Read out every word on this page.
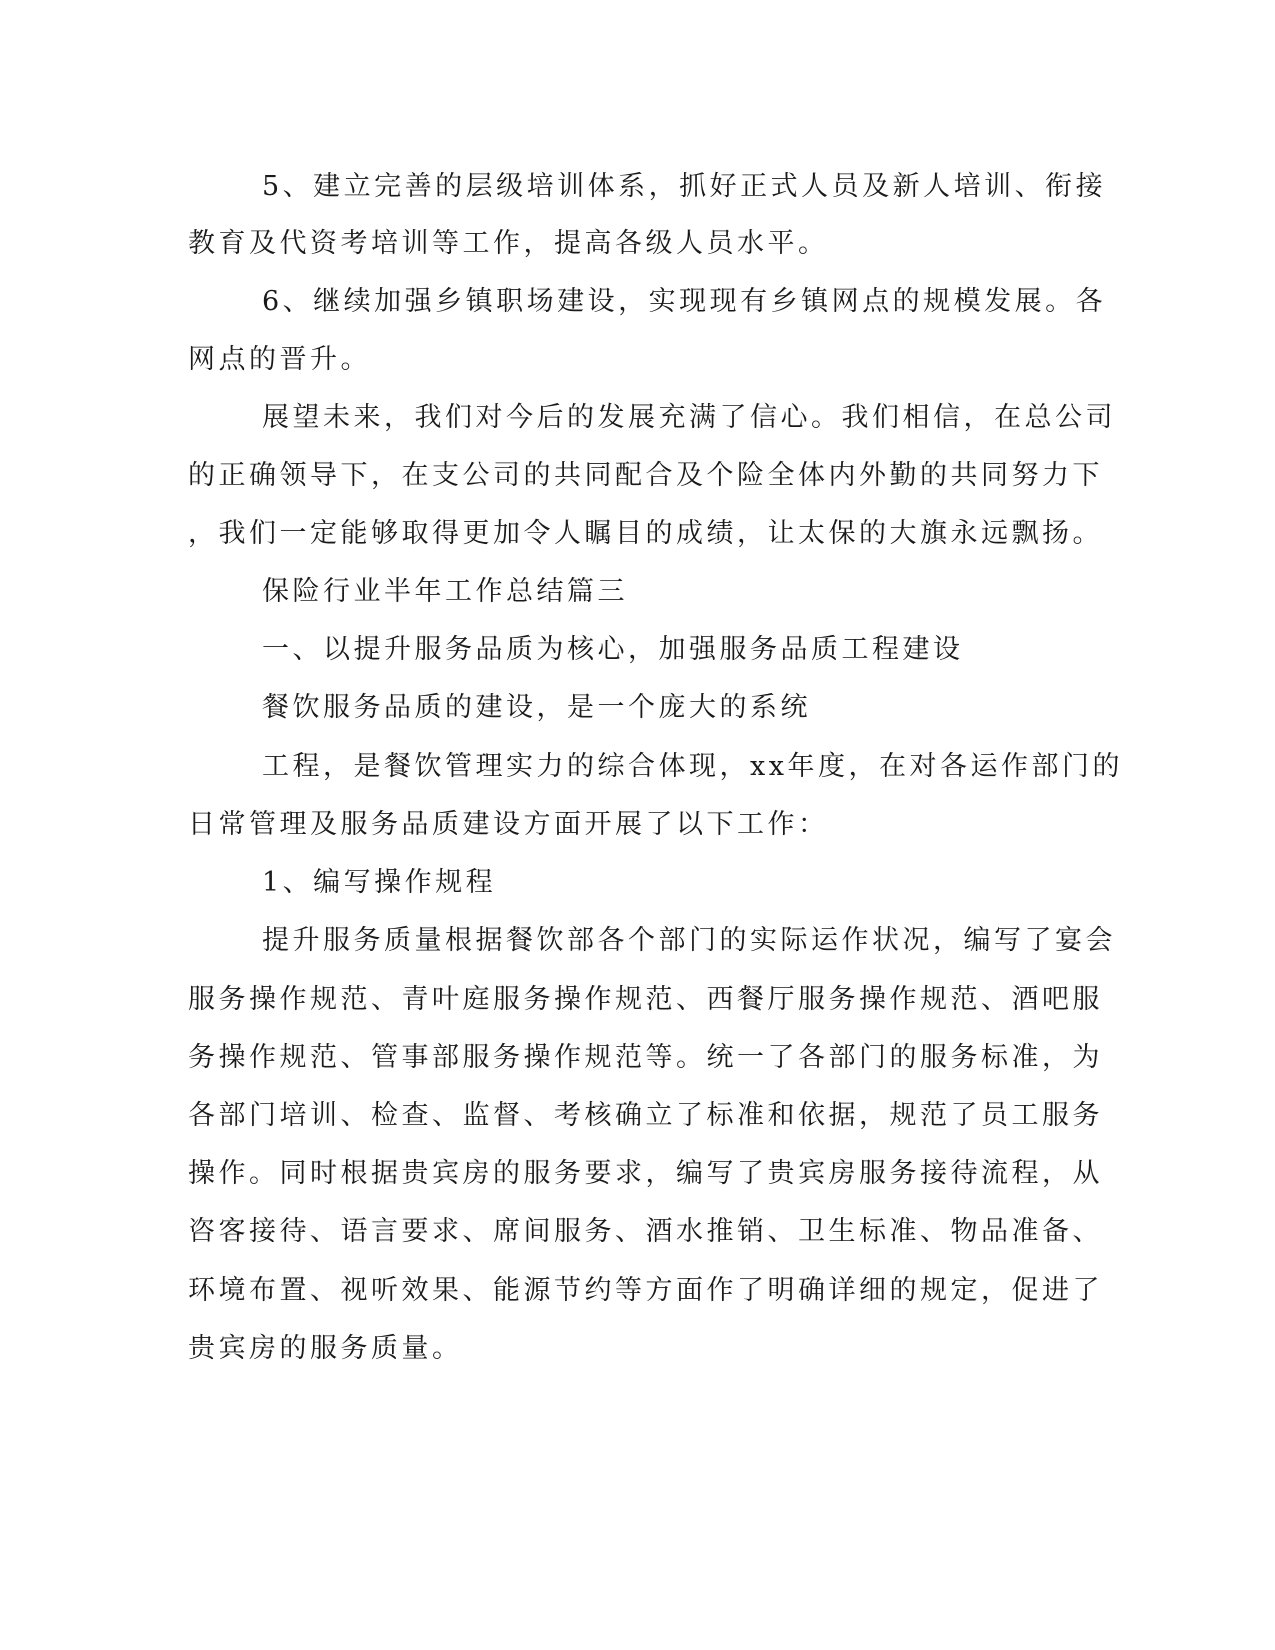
5、建立完善的层级培训体系，抓好正式人员及新人培训、衔接
教育及代资考培训等工作，提高各级人员水平。
6、继续加强乡镇职场建设，实现现有乡镇网点的规模发展。各
网点的晋升。
展望未来，我们对今后的发展充满了信心。我们相信，在总公司
的正确领导下，在支公司的共同配合及个险全体内外勤的共同努力下
，我们一定能够取得更加令人瞩目的成绩，让太保的大旗永远飘扬。
保险行业半年工作总结篇三
一、以提升服务品质为核心，加强服务品质工程建设
餐饮服务品质的建设，是一个庞大的系统
工程，是餐饮管理实力的综合体现，xx年度，在对各运作部门的
日常管理及服务品质建设方面开展了以下工作：
1、编写操作规程
提升服务质量根据餐饮部各个部门的实际运作状况，编写了宴会
服务操作规范、青叶庭服务操作规范、西餐厅服务操作规范、酒吧服
务操作规范、管事部服务操作规范等。统一了各部门的服务标准，为
各部门培训、检查、监督、考核确立了标准和依据，规范了员工服务
操作。同时根据贵宾房的服务要求，编写了贵宾房服务接待流程，从
咨客接待、语言要求、席间服务、酒水推销、卫生标准、物品准备、
环境布置、视听效果、能源节约等方面作了明确详细的规定，促进了
贵宾房的服务质量。
